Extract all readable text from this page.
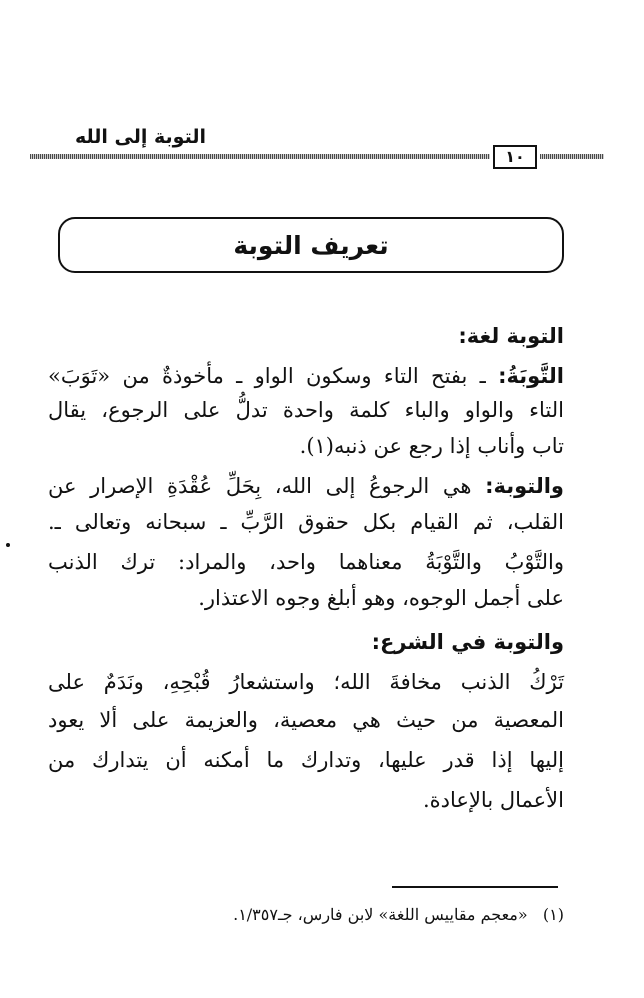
التوبة إلى الله
١٠
تعريف التوبة
التوبة لغة:
التَّوبَةُ: ـ بفتح التاء وسكون الواو ـ مأخوذةٌ من «تَوَبَ»
التاء والواو والباء كلمة واحدة تدلُّ على الرجوع، يقال
تاب وأناب إذا رجع عن ذنبه(١).
والتوبة: هي الرجوعُ إلى الله، بِحَلِّ عُقْدَةِ الإصرار عن
القلب، ثم القيام بكل حقوق الرَّبِّ ـ سبحانه وتعالى ـ.
والتَّوْبُ والتَّوْبَةُ معناهما واحد، والمراد: ترك الذنب
على أجمل الوجوه، وهو أبلغ وجوه الاعتذار.
والتوبة في الشرع:
تَرْكُ الذنب مخافةَ الله؛ واستشعارُ قُبْحِهِ، ونَدَمٌ على
المعصية من حيث هي معصية، والعزيمة على ألا يعود
إليها إذا قدر عليها، وتدارك ما أمكنه أن يتدارك من
الأعمال بالإعادة.
(١)   «معجم مقاييس اللغة» لابن فارس، جـ١/٣٥٧.
